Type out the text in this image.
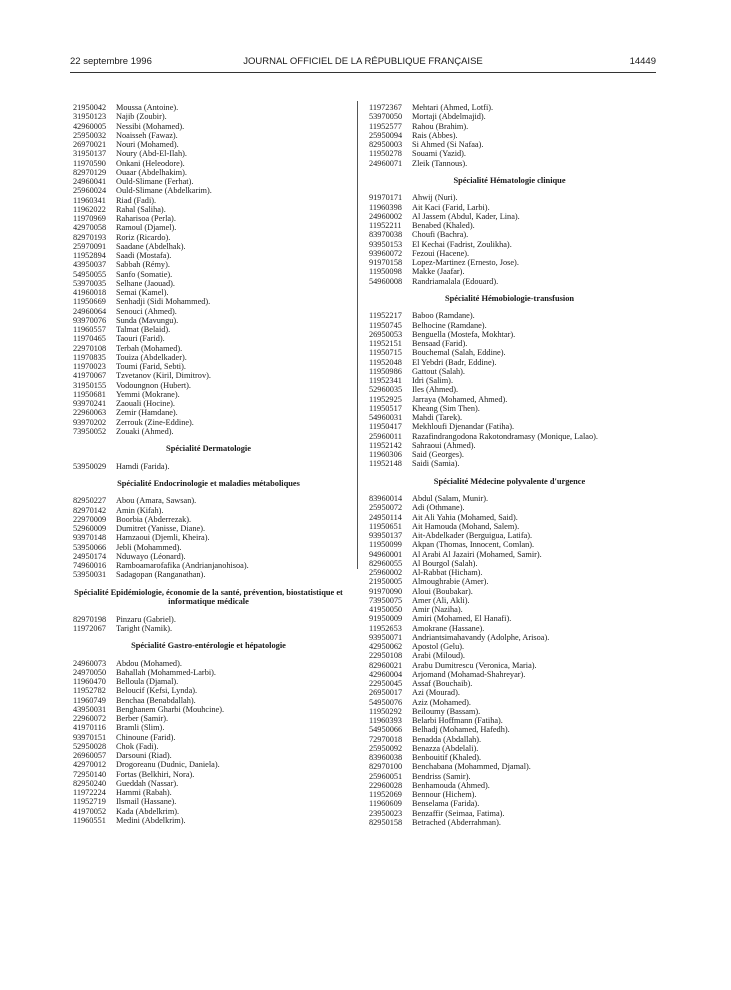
22 septembre 1996	JOURNAL OFFICIEL DE LA RÉPUBLIQUE FRANÇAISE	14449
21950042	Moussa (Antoine).
31950123	Najib (Zoubir).
42960005	Nessibi (Mohamed).
25950032	Noaisseh (Fawaz).
26970021	Nouri (Mohamed).
31950137	Noury (Abd-El-Ilah).
11970590	Onkani (Heleodore).
82970129	Ouaar (Abdelhakim).
24960041	Ould-Slimane (Ferhat).
25960024	Ould-Slimane (Abdelkarim).
11960341	Riad (Fadi).
11962022	Rahal (Saliha).
11970969	Raharisoa (Perla).
42970058	Ramoul (Djamel).
82970193	Roriz (Ricardo).
25970091	Saadane (Abdelhak).
11952894	Saadi (Mostafa).
43950037	Sabbah (Rémy).
54950055	Sanfo (Somatie).
53970035	Selhane (Jaouad).
41960018	Semai (Kamel).
11950669	Senhadji (Sidi Mohammed).
24960064	Senouci (Ahmed).
93970076	Sunda (Mavungu).
11960557	Talmat (Belaid).
11970465	Taouri (Farid).
22970108	Terbah (Mohamed).
11970835	Touiza (Abdelkader).
11970023	Toumi (Farid, Sebti).
41970067	Tzvetanov (Kiril, Dimitrov).
31950155	Vodoungnon (Hubert).
11950681	Yemmi (Mokrane).
93970241	Zaouali (Hocine).
22960063	Zemir (Hamdane).
93970202	Zerrouk (Zine-Eddine).
73950052	Zouaki (Ahmed).
Spécialité Dermatologie
53950029	Hamdi (Farida).
Spécialité Endocrinologie et maladies métaboliques
82950227	Abou (Amara, Sawsan).
82970142	Amin (Kifah).
22970009	Boorbia (Abderrezak).
52960009	Dumitret (Yanisse, Diane).
93970148	Hamzaoui (Djemli, Kheira).
53950066	Jebli (Mohammed).
24950174	Nduwayo (Léonard).
74960016	Ramboamarofafika (Andrianjanohisoa).
53950031	Sadagopan (Ranganathan).
Spécialité Epidémiologie, économie de la santé, prévention, biostatistique et informatique médicale
82970198	Pinzaru (Gabriel).
11972067	Taright (Namik).
Spécialité Gastro-entérologie et hépatologie
24960073	Abdou (Mohamed).
24970050	Bahallah (Mohammed-Larbi).
11960470	Belloula (Djamal).
11952782	Beloucif (Kefsi, Lynda).
11960749	Benchaa (Benabdallah).
43950031	Benghanem Gharbi (Mouhcine).
22960072	Berber (Samir).
41970116	Bramli (Slim).
93970151	Chinoune (Farid).
52950028	Chok (Fadi).
26960057	Darsouni (Riad).
42970012	Drogoreanu (Dudnic, Daniela).
72950140	Fortas (Belkhiri, Nora).
82950240	Gueddah (Nassar).
11972224	Hammi (Rabah).
11952719	Ilsmail (Hassane).
41970052	Kada (Abdelkrim).
11960551	Medini (Abdelkrim).
11972367	Mehtari (Ahmed, Lotfi).
53970050	Mortaji (Abdelmajid).
11952577	Rahou (Brahim).
25950094	Rais (Abbes).
82950003	Si Ahmed (Si Nafaa).
11950278	Souami (Yazid).
24960071	Zleik (Tannous).
Spécialité Hématologie clinique
91970171	Ahwij (Nuri).
11960398	Ait Kaci (Farid, Larbi).
24960002	Al Jassem (Abdul, Kader, Lina).
11952211	Benabed (Khaled).
83970038	Choufi (Bachra).
93950153	El Kechai (Fadrist, Zoulikha).
93960072	Fezoui (Hacene).
91970158	Lopez-Martinez (Ernesto, Jose).
11950098	Makke (Jaafar).
54960008	Randriamalala (Edouard).
Spécialité Hémobiologie-transfusion
11952217	Baboo (Ramdane).
11950745	Belhocine (Ramdane).
26950053	Benguella (Mostefa, Mokhtar).
11952151	Bensaad (Farid).
11950715	Bouchemal (Salah, Eddine).
11952048	El Yebdri (Badr, Eddine).
11950986	Gattout (Salah).
11952341	Idri (Salim).
52960035	Iles (Ahmed).
11952925	Jarraya (Mohamed, Ahmed).
11950517	Kheang (Sim Then).
54960031	Mahdi (Tarek).
11950417	Mekhloufi Djenandar (Fatiha).
25960011	Razafindrangodona Rakotondramasy (Monique, Lalao).
11952142	Sahraoui (Ahmed).
11960306	Said (Georges).
11952148	Saidi (Samia).
Spécialité Médecine polyvalente d'urgence
83960014	Abdul (Salam, Munir).
25950072	Adi (Othmane).
24950114	Ait Ali Yahia (Mohamed, Said).
11950651	Ait Hamouda (Mohand, Salem).
93950137	Ait-Abdelkader (Berguigua, Latifa).
11950099	Akpan (Thomas, Innocent, Comlan).
94960001	Al Arabi Al Jazairi (Mohamed, Samir).
82960055	Al Bourgol (Salah).
25960002	Al-Rabbat (Hicham).
21950005	Almoughrabie (Amer).
91970090	Aloui (Boubakar).
73950075	Amer (Ali, Akli).
41950050	Amir (Naziha).
91950009	Amiri (Mohamed, El Hanafi).
11952653	Amokrane (Hassane).
93950071	Andriantsimahavandy (Adolphe, Arisoa).
42950062	Apostol (Gelu).
22950108	Arabi (Miloud).
82960021	Arabu Dumitrescu (Veronica, Maria).
42960004	Arjomand (Mohamad-Shahreyar).
22950045	Assaf (Bouchaib).
26950017	Azi (Mourad).
54950076	Aziz (Mohamed).
11950292	Beiloumy (Bassam).
11960393	Belarbi Hoffmann (Fatiha).
54950066	Belhadj (Mohamed, Hafedh).
72970018	Benadda (Abdallah).
25950092	Benazza (Abdelali).
83960038	Benbouitif (Khaled).
82970100	Benchabana (Mohammed, Djamal).
25960051	Bendriss (Samir).
22960028	Benhamouda (Ahmed).
11952069	Bennour (Hichem).
11960609	Benselama (Farida).
23950023	Benzaffir (Seimaa, Fatima).
82950158	Betrached (Abderrahman).
